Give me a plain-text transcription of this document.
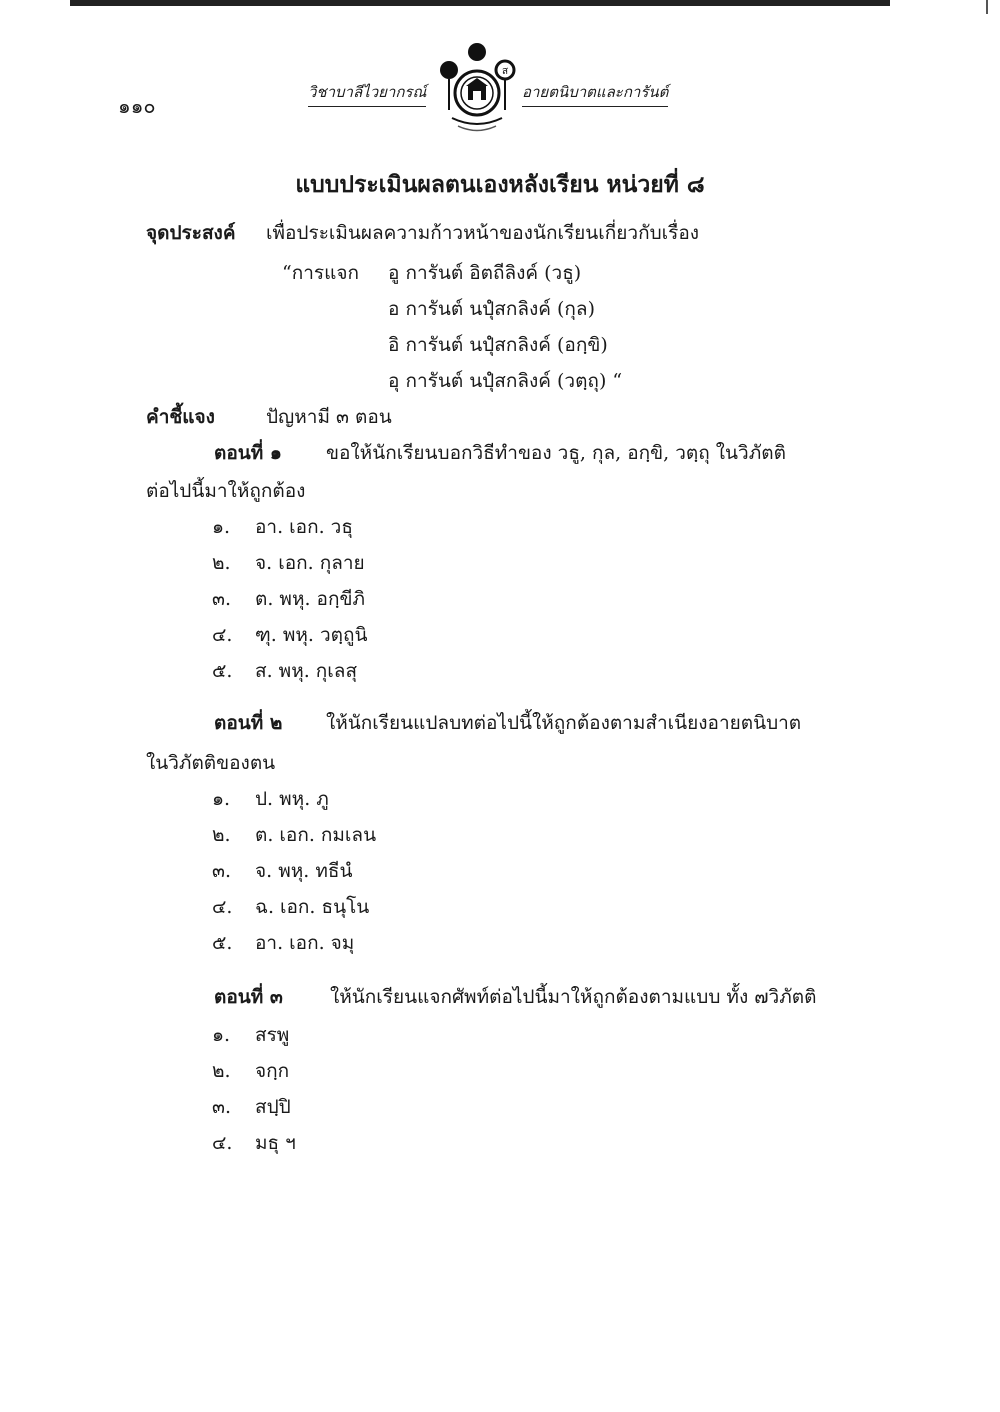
๑๑๐
วิชาบาลีไวยากรณ์	อายตนิบาตและการันต์
ส
แบบประเมินผลตนเองหลังเรียน หน่วยที่ ๘
จุดประสงค์ เพื่อประเมินผลความก้าวหน้าของนักเรียนเกี่ยวกับเรื่อง
“การแจก อู การันต์ อิตถีลิงค์ (วธู)
อ การันต์ นปุํสกลิงค์ (กุล)
อิ การันต์ นปุํสกลิงค์ (อกฺขิ)
อุ การันต์ นปุํสกลิงค์ (วตฺถุ) “
คำชี้แจง	ปัญหามี ๓ ตอน
ตอนที่ ๑ ขอให้นักเรียนบอกวิธีทำของ วธู, กุล, อกฺขิ, วตฺถุ ในวิภัตติ
ต่อไปนี้มาให้ถูกต้อง
๑. อา. เอก. วธุ
๒. จ. เอก. กุลาย
๓. ต. พหุ. อกฺขีภิ
๔. ฑุ. พหุ. วตฺถูนิ
๕. ส. พหุ. กุเลสุ
ตอนที่ ๒ ให้นักเรียนแปลบทต่อไปนี้ให้ถูกต้องตามสำเนียงอายตนิบาต
ในวิภัตติของตน
๑. ป. พหุ. ภู
๒. ต. เอก. กมเลน
๓. จ. พหุ. ทธีนํ
๔. ฉ. เอก. ธนุโน
๕. อา. เอก. จมุ
ตอนที่ ๓ ให้นักเรียนแจกศัพท์ต่อไปนี้มาให้ถูกต้องตามแบบ ทั้ง ๗วิภัตติ
๑. สรพู
๒. จกฺก
๓. สปฺปิ
๔. มธุ ฯ
